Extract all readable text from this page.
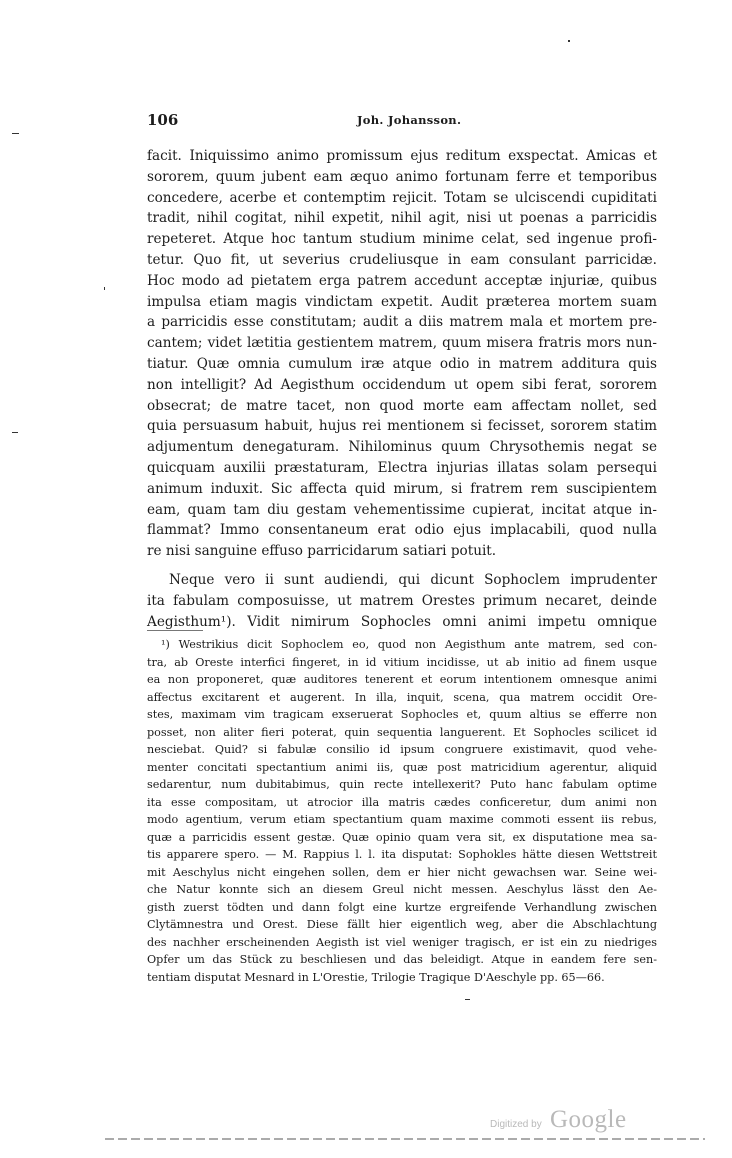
106	Joh. Johansson.
facit. Iniquissimo animo promissum ejus reditum exspectat. Amicas et
sororem, quum jubent eam æquo animo fortunam ferre et temporibus
concedere, acerbe et contemptim rejicit. Totam se ulciscendi cupiditati
tradit, nihil cogitat, nihil expetit, nihil agit, nisi ut poenas a parricidis
repeteret. Atque hoc tantum studium minime celat, sed ingenue profi-
tetur. Quo fit, ut severius crudeliusque in eam consulant parricidæ.
Hoc modo ad pietatem erga patrem accedunt acceptæ injuriæ, quibus
impulsa etiam magis vindictam expetit. Audit præterea mortem suam
a parricidis esse constitutam; audit a diis matrem mala et mortem pre-
cantem; videt lætitia gestientem matrem, quum misera fratris mors nun-
tiatur. Quæ omnia cumulum iræ atque odio in matrem additura quis
non intelligit? Ad Aegisthum occidendum ut opem sibi ferat, sororem
obsecrat; de matre tacet, non quod morte eam affectam nollet, sed
quia persuasum habuit, hujus rei mentionem si fecisset, sororem statim
adjumentum denegaturam. Nihilominus quum Chrysothemis negat se
quicquam auxilii præstaturam, Electra injurias illatas solam persequi
animum induxit. Sic affecta quid mirum, si fratrem rem suscipientem
eam, quam tam diu gestam vehementissime cupierat, incitat atque in-
flammat? Immo consentaneum erat odio ejus implacabili, quod nulla
re nisi sanguine effuso parricidarum satiari potuit.
Neque vero ii sunt audiendi, qui dicunt Sophoclem imprudenter
ita fabulam composuisse, ut matrem Orestes primum necaret, deinde
Aegisthum¹). Vidit nimirum Sophocles omni animi impetu omnique
¹) Westrikius dicit Sophoclem eo, quod non Aegisthum ante matrem, sed con-
tra, ab Oreste interfici fingeret, in id vitium incidisse, ut ab initio ad finem usque
ea non proponeret, quæ auditores tenerent et eorum intentionem omnesque animi
affectus excitarent et augerent. In illa, inquit, scena, qua matrem occidit Ore-
stes, maximam vim tragicam exseruerat Sophocles et, quum altius se efferre non
posset, non aliter fieri poterat, quin sequentia languerent. Et Sophocles scilicet id
nesciebat. Quid? si fabulæ consilio id ipsum congruere existimavit, quod vehe-
menter concitati spectantium animi iis, quæ post matricidium agerentur, aliquid
sedarentur, num dubitabimus, quin recte intellexerit? Puto hanc fabulam optime
ita esse compositam, ut atrocior illa matris cædes conficeretur, dum animi non
modo agentium, verum etiam spectantium quam maxime commoti essent iis rebus,
quæ a parricidis essent gestæ. Quæ opinio quam vera sit, ex disputatione mea sa-
tis apparere spero. — M. Rappius l. l. ita disputat: Sophokles hätte diesen Wettstreit
mit Aeschylus nicht eingehen sollen, dem er hier nicht gewachsen war. Seine wei-
che Natur konnte sich an diesem Greul nicht messen. Aeschylus lässt den Ae-
gisth zuerst tödten und dann folgt eine kurtze ergreifende Verhandlung zwischen
Clytämnestra und Orest. Diese fällt hier eigentlich weg, aber die Abschlachtung
des nachher erscheinenden Aegisth ist viel weniger tragisch, er ist ein zu niedriges
Opfer um das Stück zu beschliesen und das beleidigt. Atque in eandem fere sen-
tentiam disputat Mesnard in L'Orestie, Trilogie Tragique D'Aeschyle pp. 65—66.
Digitized by Google
